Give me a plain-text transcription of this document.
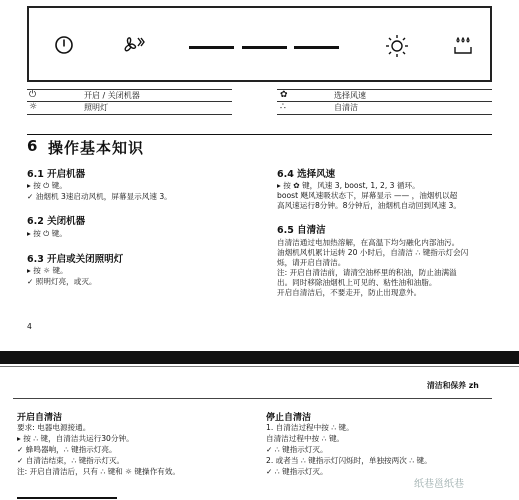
⏻	开启 / 关闭机器
☼	照明灯
✿	选择风速
∴	自清洁
6 操作基本知识
6.1 开启机器
▸ 按 ⏻ 键。
✓ 油烟机 3速启动风机，屏幕显示风速 3。
6.2 关闭机器
▸ 按 ⏻ 键。
6.3 开启或关闭照明灯
▸ 按 ☼ 键。
✓ 照明灯亮，或灭。
6.4 选择风速
▸ 按 ✿ 键，风速 3, boost, 1, 2, 3 循环。
boost 飓风速吸状态下，屏幕显示 —— ，油烟机以超
高风速运行8分钟。8分钟后，油烟机自动回到风速 3。
6.5 自清洁
自清洁通过电加热溶解，在高温下均匀融化内部油污。
油烟机风机累计运转 20 小时后，自清洁 ∴ 键指示灯会闪
烁，请开启自清洁。
注: 开启自清洁前，请清空油杯里的积油，防止油满溢
出。同时移除油烟机上可见的、粘性油和油脂。
开启自清洁后，不要走开，防止出现意外。
4
清洁和保养 zh
开启自清洁
要求: 电器电源接通。
▸ 按 ∴ 键，自清洁共运行30分钟。
✓ 蜂鸣器响，∴ 键指示灯亮。
✓ 自清洁结束，∴ 键指示灯灭。
注: 开启自清洁后，只有 ∴ 键和 ☼ 键操作有效。
停止自清洁
1. 自清洁过程中按 ∴ 键。
自清洁过程中按 ∴ 键。
✓ ∴ 键指示灯灭。
2. 或者当 ∴ 键指示灯闪烁时，单独按两次 ∴ 键。
✓ ∴ 键指示灯灭。
纸巷邕纸巷
